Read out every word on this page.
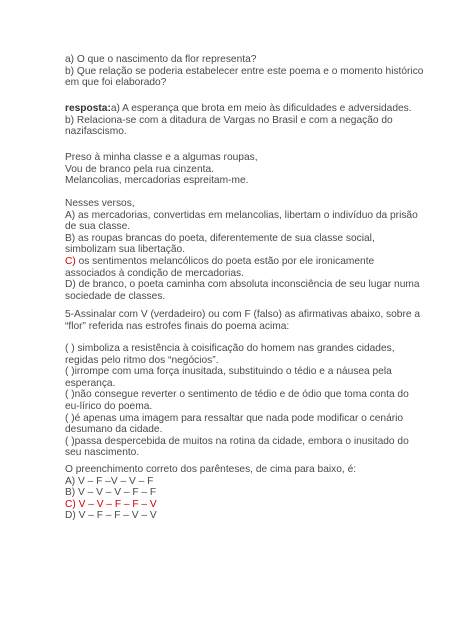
a) O que o nascimento da flor representa?
b) Que relação se poderia estabelecer entre este poema e o momento histórico
em que foi elaborado?
resposta:a) A esperança que brota em meio às dificuldades e adversidades.
b) Relaciona-se com a ditadura de Vargas no Brasil e com a negação do
nazifascismo.
Preso à minha classe e a algumas roupas,
Vou de branco pela rua cinzenta.
Melancolias, mercadorias espreitam-me.
Nesses versos,
A) as mercadorias, convertidas em melancolias, libertam o indivíduo da prisão
de sua classe.
B) as roupas brancas do poeta, diferentemente de sua classe social,
simbolizam sua libertação.
C) os sentimentos melancólicos do poeta estão por ele ironicamente
associados à condição de mercadorias.
D) de branco, o poeta caminha com absoluta inconsciência de seu lugar numa
sociedade de classes.
5-Assinalar com V (verdadeiro) ou com F (falso) as afirmativas abaixo, sobre a
“flor” referida nas estrofes finais do poema acima:
( ) simboliza a resistência à coisificação do homem nas grandes cidades,
regidas pelo ritmo dos “negócios”.
( )irrompe com uma força inusitada, substituindo o tédio e a náusea pela
esperança.
( )não consegue reverter o sentimento de tédio e de ódio que toma conta do
eu-lírico do poema.
( )é apenas uma imagem para ressaltar que nada pode modificar o cenário
desumano da cidade.
( )passa despercebida de muitos na rotina da cidade, embora o inusitado do
seu nascimento.
O preenchimento correto dos parênteses, de cima para baixo, é:
A) V – F –V – V – F
B) V – V – V – F – F
C) V – V – F – F – V
D) V – F – F – V – V
